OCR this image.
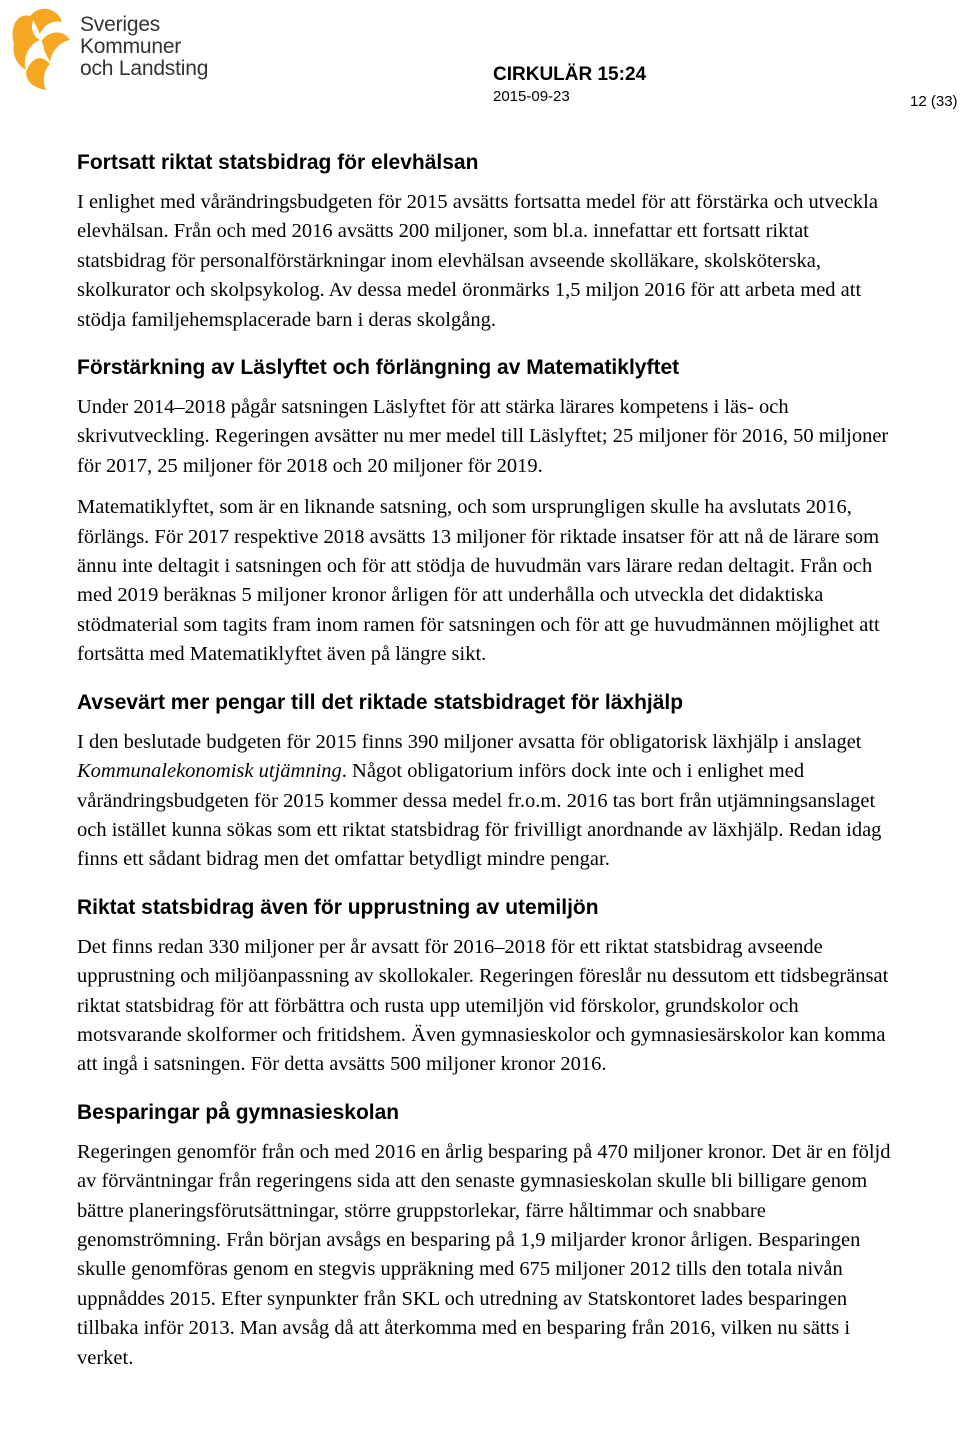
Sveriges
Kommuner
och Landsting	CIRKULÄR 15:24
2015-09-23	12 (33)
Fortsatt riktat statsbidrag för elevhälsan

I enlighet med vårändringsbudgeten för 2015 avsätts fortsatta medel för att förstärka och utveckla elevhälsan. Från och med 2016 avsätts 200 miljoner, som bl.a. innefattar ett fortsatt riktat statsbidrag för personalförstärkningar inom elevhälsan avseende skolläkare, skolsköterska, skolkurator och skolpsykolog. Av dessa medel öronmärks 1,5 miljon 2016 för att arbeta med att stödja familjehemsplacerade barn i deras skolgång.

Förstärkning av Läslyftet och förlängning av Matematiklyftet

Under 2014–2018 pågår satsningen Läslyftet för att stärka lärares kompetens i läs- och skrivutveckling. Regeringen avsätter nu mer medel till Läslyftet; 25 miljoner för 2016, 50 miljoner för 2017, 25 miljoner för 2018 och 20 miljoner för 2019.

Matematiklyftet, som är en liknande satsning, och som ursprungligen skulle ha avslutats 2016, förlängs. För 2017 respektive 2018 avsätts 13 miljoner för riktade insatser för att nå de lärare som ännu inte deltagit i satsningen och för att stödja de huvudmän vars lärare redan deltagit. Från och med 2019 beräknas 5 miljoner kronor årligen för att underhålla och utveckla det didaktiska stödmaterial som tagits fram inom ramen för satsningen och för att ge huvudmännen möjlighet att fortsätta med Matematiklyftet även på längre sikt.

Avsevärt mer pengar till det riktade statsbidraget för läxhjälp

I den beslutade budgeten för 2015 finns 390 miljoner avsatta för obligatorisk läxhjälp i anslaget Kommunalekonomisk utjämning. Något obligatorium införs dock inte och i enlighet med vårändringsbudgeten för 2015 kommer dessa medel fr.o.m. 2016 tas bort från utjämningsanslaget och istället kunna sökas som ett riktat statsbidrag för frivilligt anordnande av läxhjälp. Redan idag finns ett sådant bidrag men det omfattar betydligt mindre pengar.

Riktat statsbidrag även för upprustning av utemiljön

Det finns redan 330 miljoner per år avsatt för 2016–2018 för ett riktat statsbidrag avseende upprustning och miljöanpassning av skollokaler. Regeringen föreslår nu dessutom ett tidsbegränsat riktat statsbidrag för att förbättra och rusta upp utemiljön vid förskolor, grundskolor och motsvarande skolformer och fritidshem. Även gymnasieskolor och gymnasiesärskolor kan komma att ingå i satsningen. För detta avsätts 500 miljoner kronor 2016.

Besparingar på gymnasieskolan

Regeringen genomför från och med 2016 en årlig besparing på 470 miljoner kronor. Det är en följd av förväntningar från regeringens sida att den senaste gymnasieskolan skulle bli billigare genom bättre planeringsförutsättningar, större gruppstorlekar, färre håltimmar och snabbare genomströmning. Från början avsågs en besparing på 1,9 miljarder kronor årligen. Besparingen skulle genomföras genom en stegvis uppräkning med 675 miljoner 2012 tills den totala nivån uppnåddes 2015. Efter synpunkter från SKL och utredning av Statskontoret lades besparingen tillbaka inför 2013. Man avsåg då att återkomma med en besparing från 2016, vilken nu sätts i verket.
